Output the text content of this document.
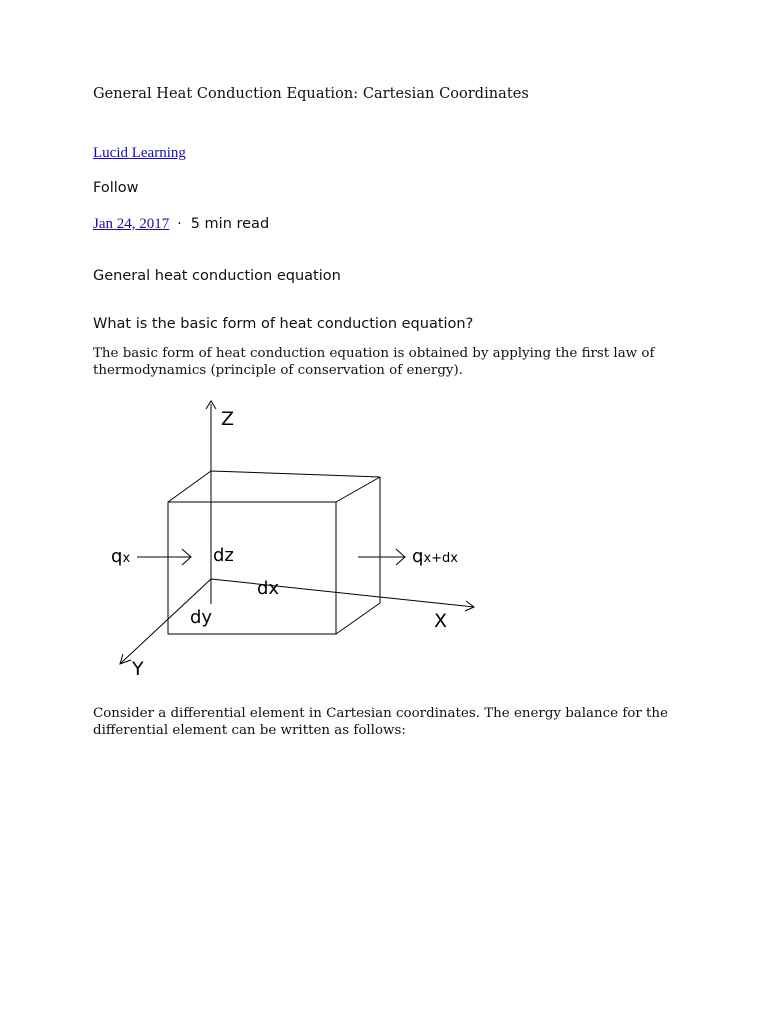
General Heat Conduction Equation: Cartesian Coordinates
Lucid Learning
Follow
Jan 24, 2017 · 5 min read
General heat conduction equation
What is the basic form of heat conduction equation?
The basic form of heat conduction equation is obtained by applying the first law of thermodynamics (principle of conservation of energy).
Z
X
Y
dz
dx
dy
qx	qx+dx
Consider a differential element in Cartesian coordinates. The energy balance for the differential element can be written as follows:
